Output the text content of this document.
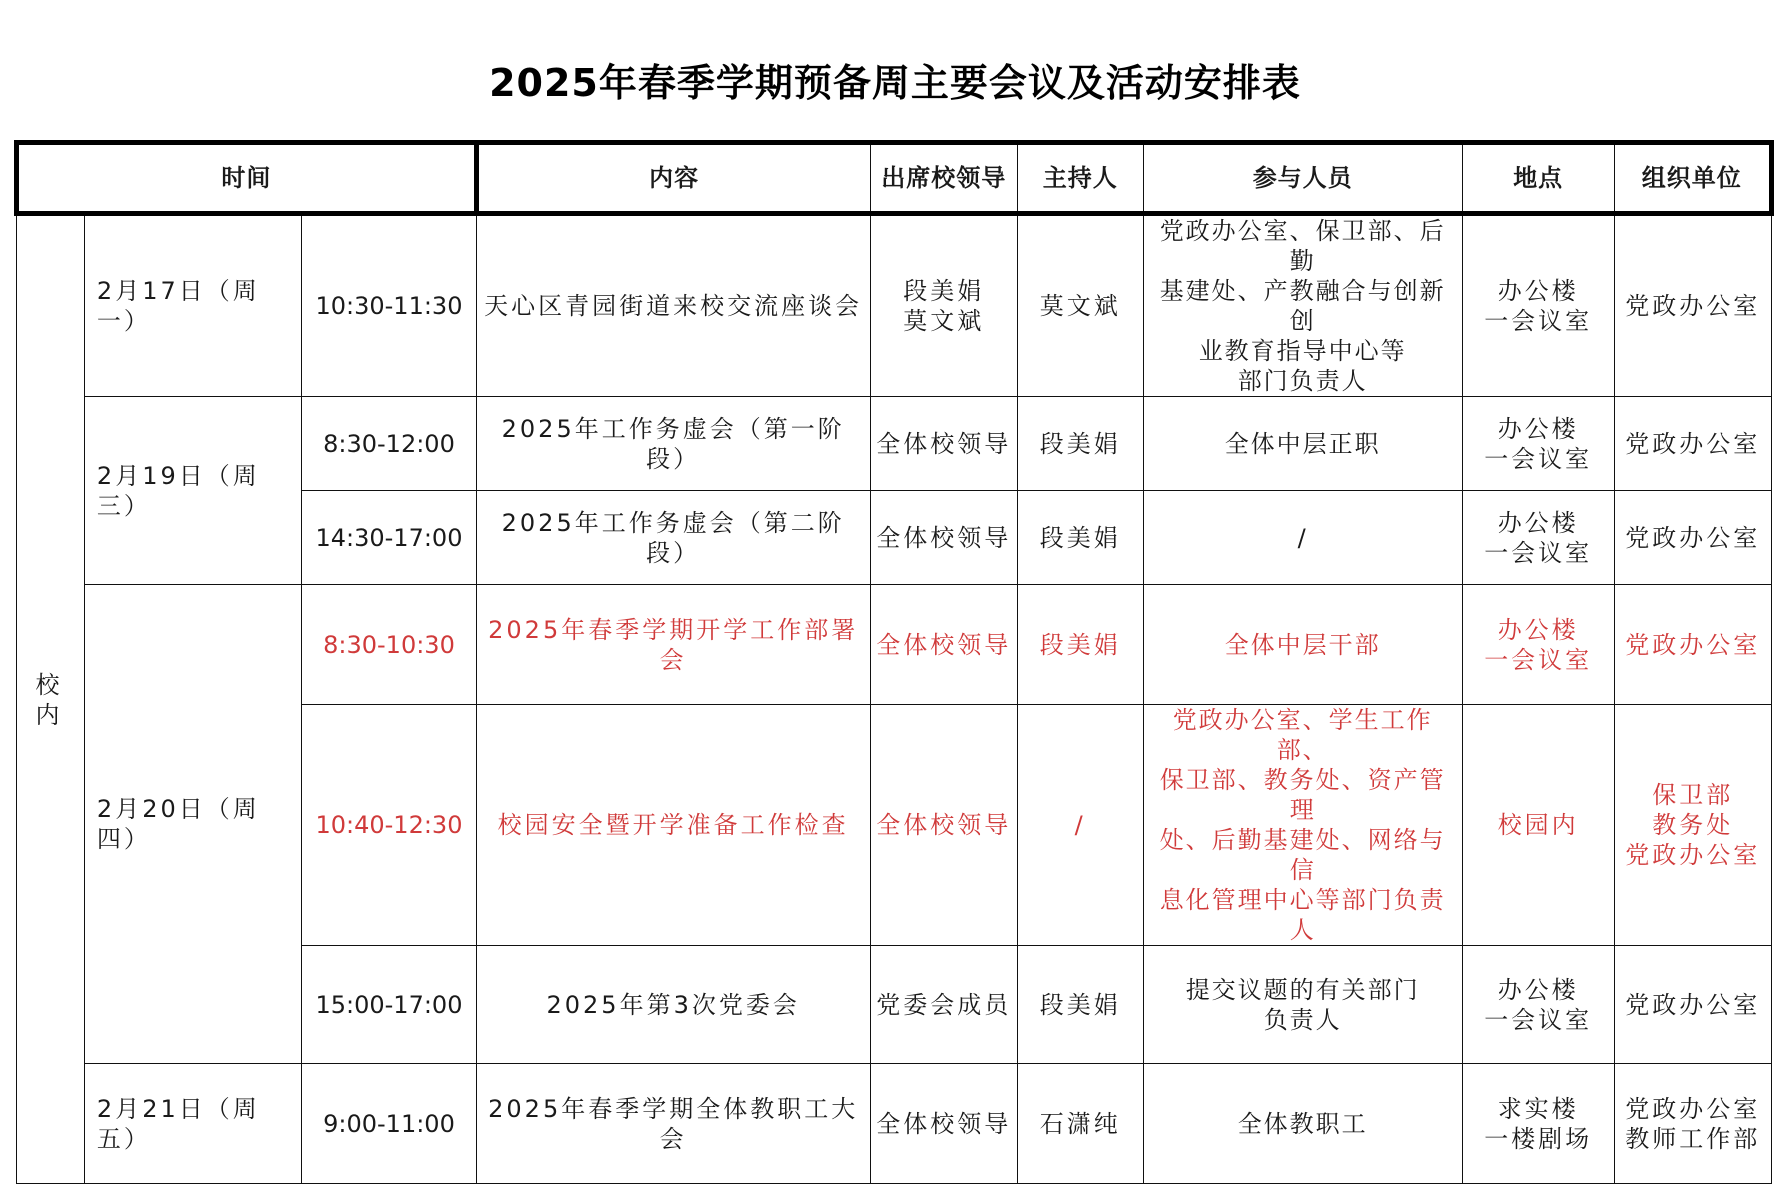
2025年春季学期预备周主要会议及活动安排表
时间			内容	出席校领导	主持人	参与人员	地点	组织单位
校内	2月17日（周一）	10:30-11:30	天心区青园街道来校交流座谈会	段美娟
莫文斌	莫文斌	党政办公室、保卫部、后勤
基建处、产教融合与创新创
业教育指导中心等
部门负责人	办公楼
一会议室	党政办公室
	2月19日（周三）	8:30-12:00	2025年工作务虚会（第一阶段）	全体校领导	段美娟	全体中层正职	办公楼
一会议室	党政办公室
		14:30-17:00	2025年工作务虚会（第二阶段）	全体校领导	段美娟	/	办公楼
一会议室	党政办公室
	2月20日（周四）	8:30-10:30	2025年春季学期开学工作部署会	全体校领导	段美娟	全体中层干部	办公楼
一会议室	党政办公室
		10:40-12:30	校园安全暨开学准备工作检查	全体校领导	/	党政办公室、学生工作部、
保卫部、教务处、资产管理
处、后勤基建处、网络与信
息化管理中心等部门负责人	校园内	保卫部
教务处
党政办公室
		15:00-17:00	2025年第3次党委会	党委会成员	段美娟	提交议题的有关部门
负责人	办公楼
一会议室	党政办公室
	2月21日（周五）	9:00-11:00	2025年春季学期全体教职工大会	全体校领导	石潇纯	全体教职工	求实楼
一楼剧场	党政办公室
教师工作部
